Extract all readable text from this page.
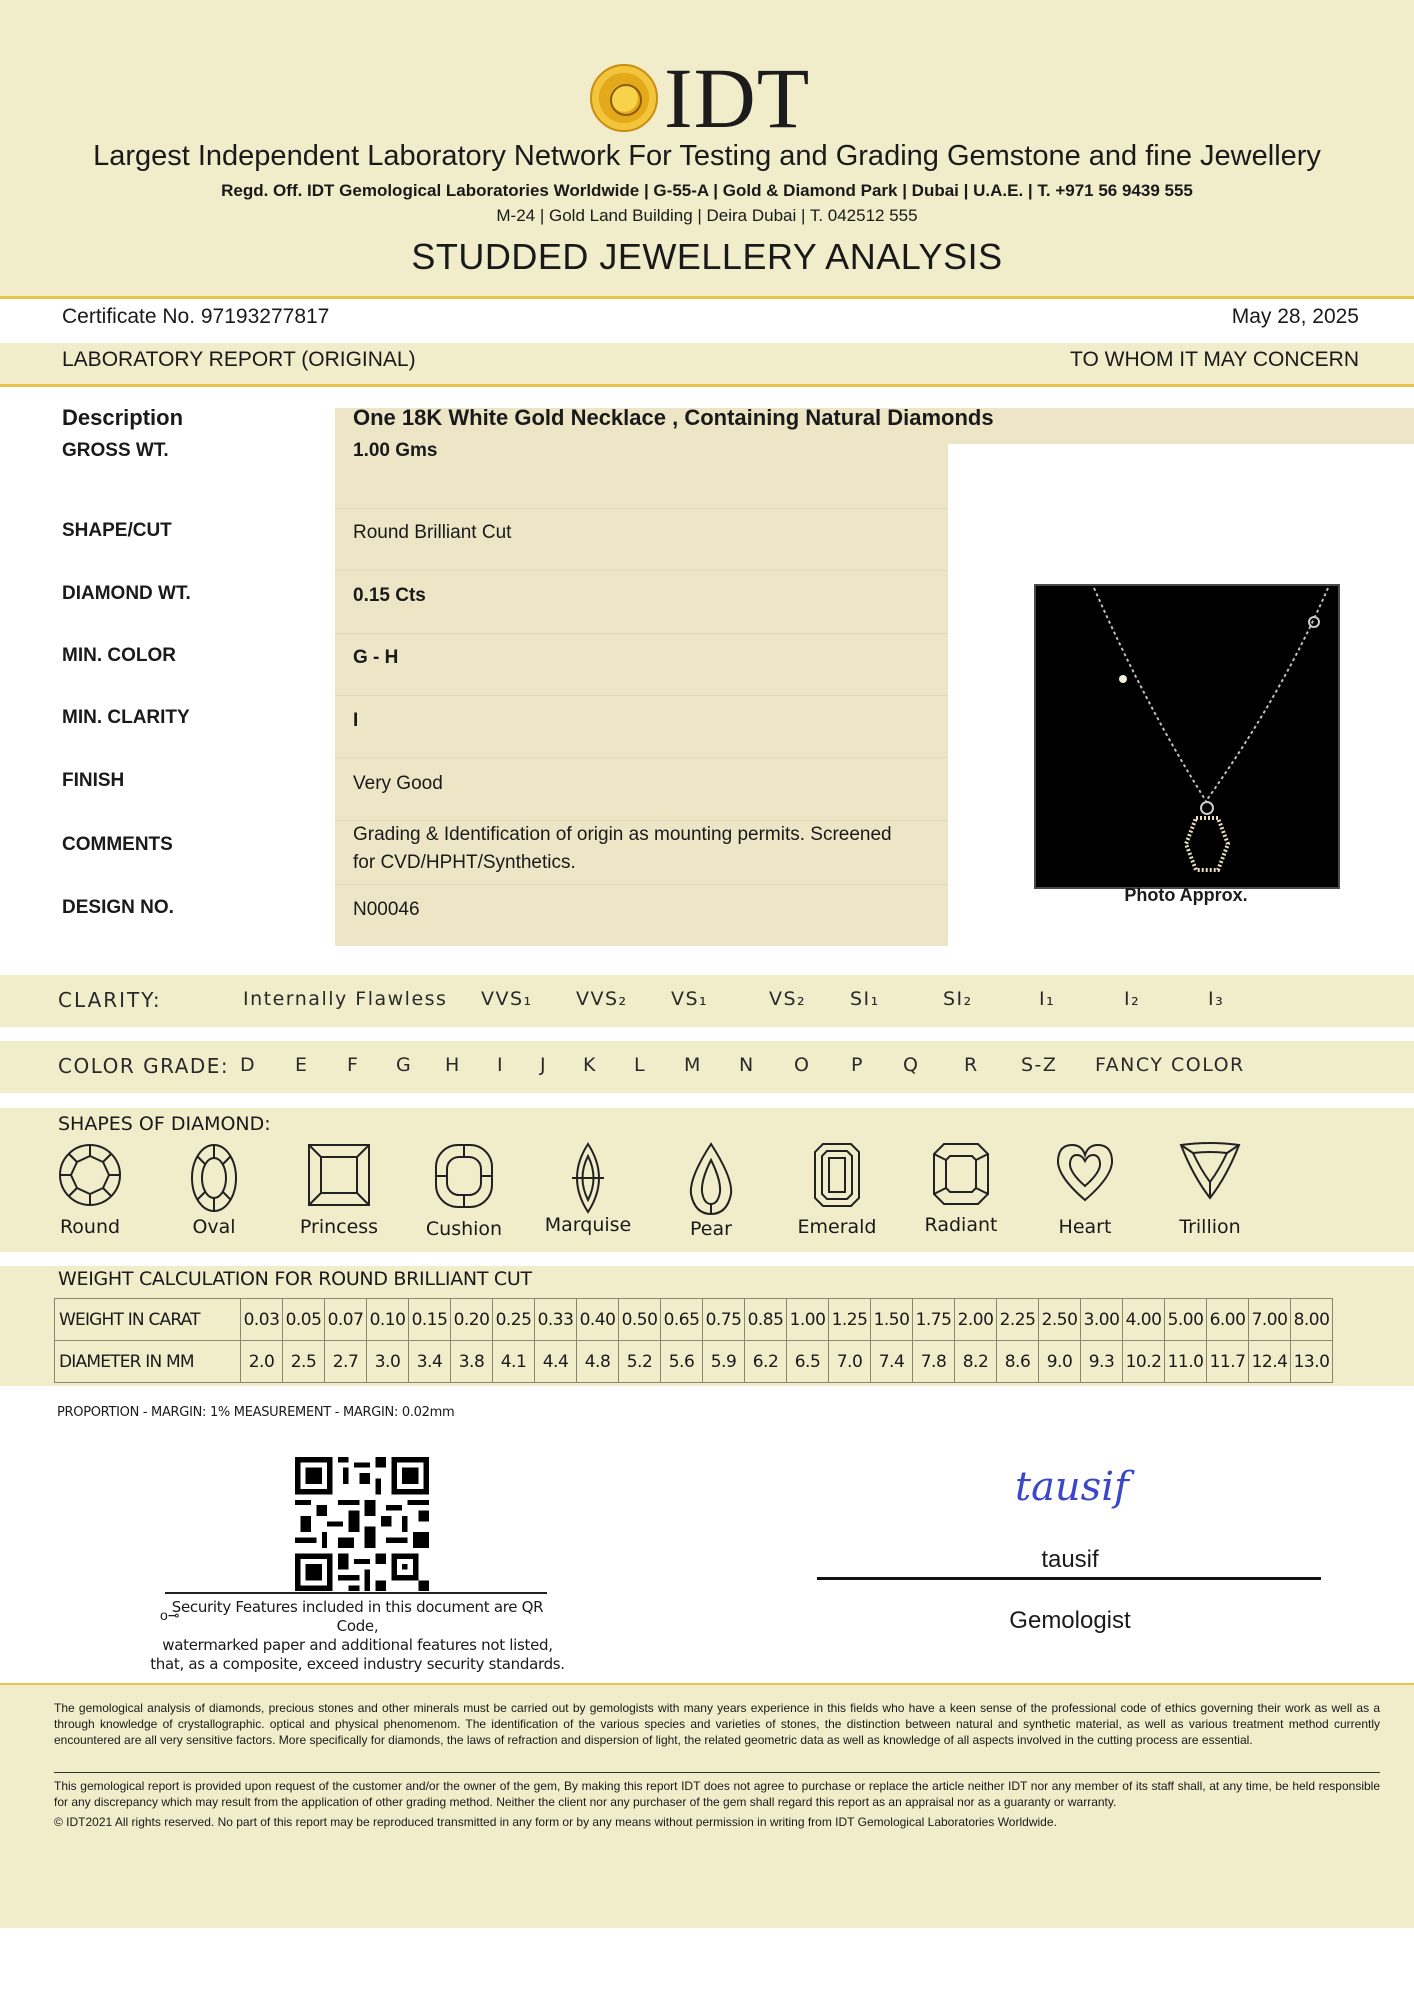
IDT
Largest Independent Laboratory Network For Testing and Grading Gemstone and fine Jewellery
Regd. Off. IDT Gemological Laboratories Worldwide | G-55-A | Gold & Diamond Park | Dubai | U.A.E. | T. +971 56 9439 555
M-24 | Gold Land Building | Deira Dubai | T. 042512 555
STUDDED JEWELLERY ANALYSIS
Certificate No. 97193277817	May 28, 2025
LABORATORY REPORT (ORIGINAL)	TO WHOM IT MAY CONCERN
Description	One 18K White Gold Necklace , Containing Natural Diamonds
GROSS WT.	1.00 Gms
SHAPE/CUT	Round Brilliant Cut
DIAMOND WT.	0.15 Cts
MIN. COLOR	G - H
MIN. CLARITY	I
FINISH	Very Good
COMMENTS	Grading & Identification of origin as mounting permits. Screened
for CVD/HPHT/Synthetics.
DESIGN NO.	N00046
Photo Approx.
CLARITY:	Internally Flawless VVS₁ VVS₂ VS₁	VS₂ SI₁	SI₂	I₁	I₂	I₃
COLOR GRADE: D E F G H I J K L M N O P Q R S-Z FANCY COLOR
SHAPES OF DIAMOND:
Round	Oval	Princess	Cushion	Marquise	Pear	Emerald	Radiant	Heart	Trillion
WEIGHT CALCULATION FOR ROUND BRILLIANT CUT
WEIGHT IN CARAT	0.03	0.05	0.07	0.10	0.15	0.20	0.25	0.33	0.40	0.50	0.65	0.75	0.85	1.00	1.25	1.50	1.75	2.00	2.25	2.50	3.00	4.00	5.00	6.00	7.00	8.00
DIAMETER IN MM	2.0	2.5	2.7	3.0	3.4	3.8	4.1	4.4	4.8	5.2	5.6	5.9	6.2	6.5	7.0	7.4	7.8	8.2	8.6	9.0	9.3	10.2	11.0	11.7	12.4	13.0
PROPORTION - MARGIN: 1% MEASUREMENT - MARGIN: 0.02mm
o⊸
Security Features included in this document are QR Code,
watermarked paper and additional features not listed,
that, as a composite, exceed industry security standards.
tausif
tausif
Gemologist
The gemological analysis of diamonds, precious stones and other minerals must be carried out by gemologists with many years experience in this fields who have a keen sense of the professional code of ethics governing their work as well as a through knowledge of crystallographic. optical and physical phenomenom. The identification of the various species and varieties of stones, the distinction between natural and synthetic material, as well as various treatment method currently encountered are all very sensitive factors. More specifically for diamonds, the laws of refraction and dispersion of light, the related geometric data as well as knowledge of all aspects involved in the cutting process are essential.
This gemological report is provided upon request of the customer and/or the owner of the gem, By making this report IDT does not agree to purchase or replace the article neither IDT nor any member of its staff shall, at any time, be held responsible for any discrepancy which may result from the application of other grading method. Neither the client nor any purchaser of the gem shall regard this report as an appraisal nor as a guaranty or warranty.
© IDT2021 All rights reserved. No part of this report may be reproduced transmitted in any form or by any means without permission in writing from IDT Gemological Laboratories Worldwide.
